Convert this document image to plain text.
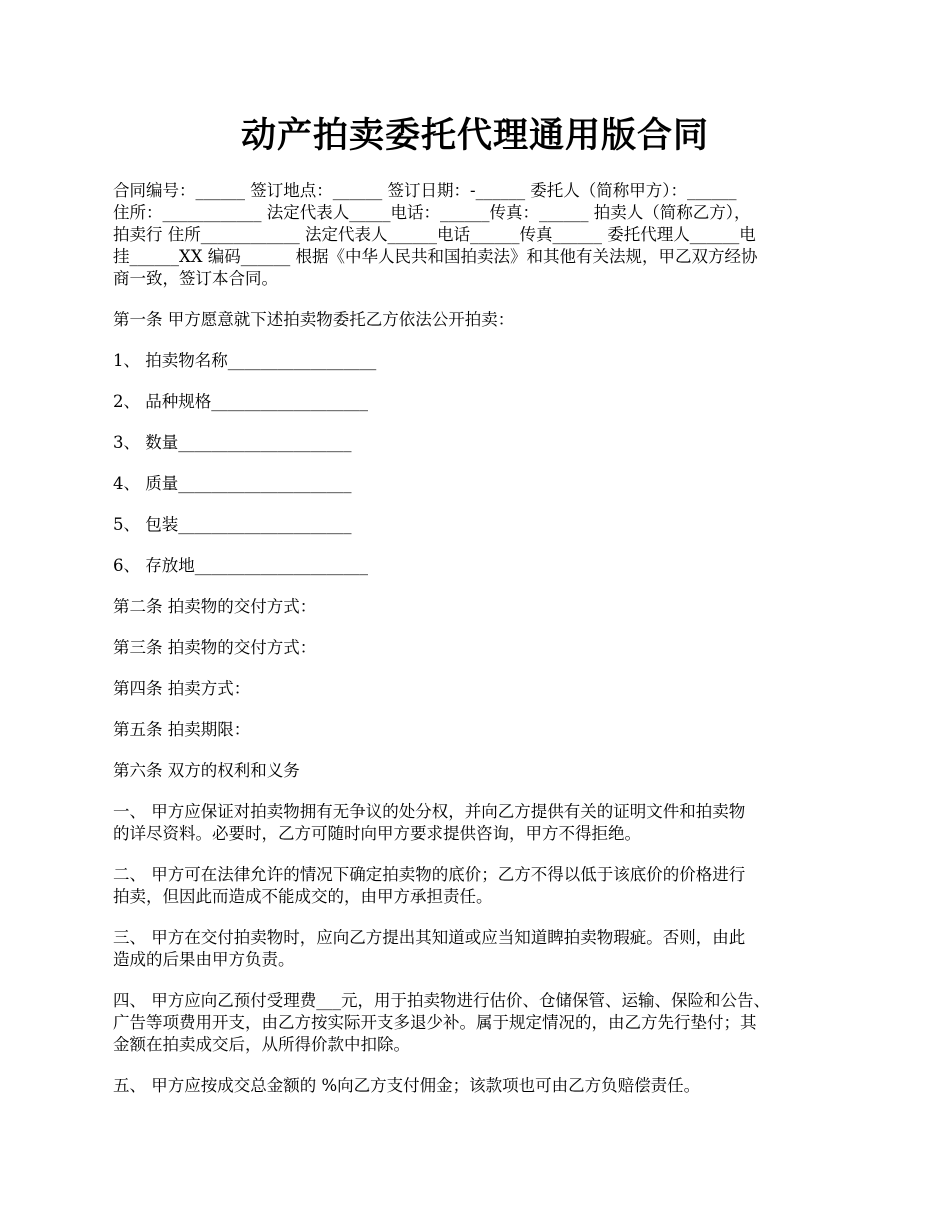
动产拍卖委托代理通用版合同
合同编号：______ 签订地点：______ 签订日期：-______ 委托人（简称甲方）：______
住所：____________ 法定代表人_____电话：______传真：______ 拍卖人（简称乙方），
拍卖行 住所____________ 法定代表人______电话______传真______ 委托代理人______电
挂______XX 编码______ 根据《中华人民共和国拍卖法》和其他有关法规，甲乙双方经协
商一致，签订本合同。
第一条 甲方愿意就下述拍卖物委托乙方依法公开拍卖：
1、 拍卖物名称__________________
2、 品种规格___________________
3、 数量_____________________
4、 质量_____________________
5、 包装_____________________
6、 存放地_____________________
第二条 拍卖物的交付方式：
第三条 拍卖物的交付方式：
第四条 拍卖方式：
第五条 拍卖期限：
第六条 双方的权利和义务
一、 甲方应保证对拍卖物拥有无争议的处分权，并向乙方提供有关的证明文件和拍卖物
的详尽资料。必要时，乙方可随时向甲方要求提供咨询，甲方不得拒绝。
二、 甲方可在法律允许的情况下确定拍卖物的底价；乙方不得以低于该底价的价格进行
拍卖，但因此而造成不能成交的，由甲方承担责任。
三、 甲方在交付拍卖物时，应向乙方提出其知道或应当知道睥拍卖物瑕疵。否则，由此
造成的后果由甲方负责。
四、 甲方应向乙预付受理费___元，用于拍卖物进行估价、仓储保管、运输、保险和公告、
广告等项费用开支，由乙方按实际开支多退少补。属于规定情况的，由乙方先行垫付；其
金额在拍卖成交后，从所得价款中扣除。
五、 甲方应按成交总金额的 %向乙方支付佣金；该款项也可由乙方负赔偿责任。
